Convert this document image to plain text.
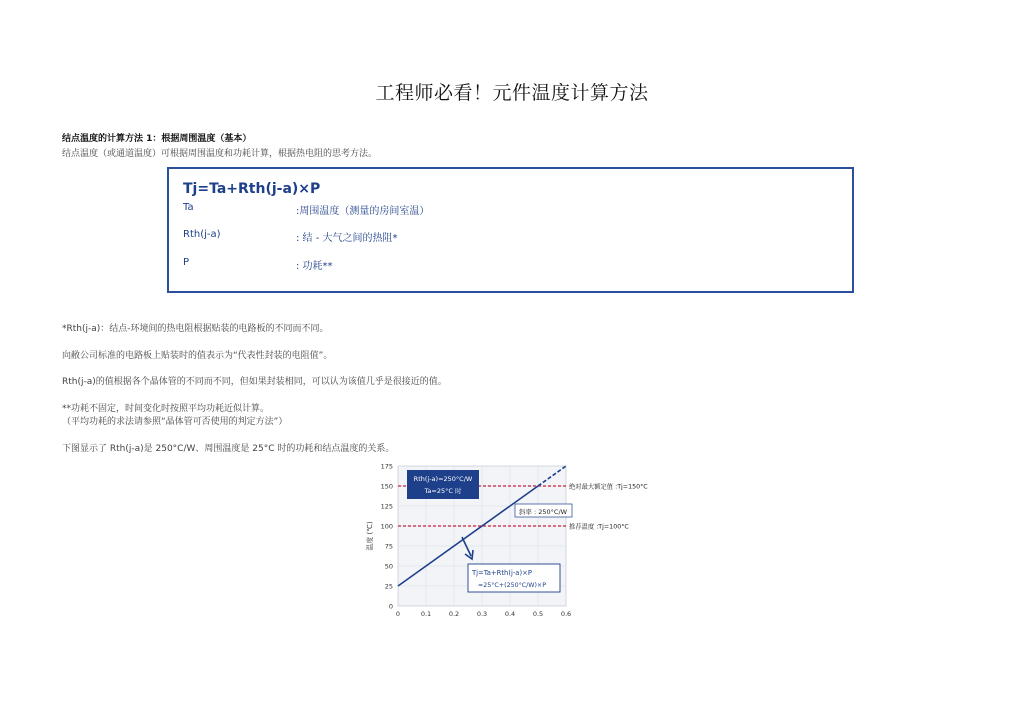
工程师必看！元件温度计算方法
结点温度的计算方法 1：根据周围温度（基本）
结点温度（或通道温度）可根据周围温度和功耗计算，根据热电阻的思考方法。
Tj=Ta+Rth(j-a)×P
Ta	:周围温度（测量的房间室温）
Rth(j-a)	: 结 - 大气之间的热阻*
P	: 功耗**
*Rth(j-a)：结点-环境间的热电阻根据贴装的电路板的不同而不同。
向敝公司标准的电路板上贴装时的值表示为“代表性封装的电阻值”。
Rth(j-a)的值根据各个晶体管的不同而不同，但如果封装相同，可以认为该值几乎是很接近的值。
**功耗不固定，时间变化时按照平均功耗近似计算。
（平均功耗的求法请参照“晶体管可否使用的判定方法”）
下图显示了 Rth(j-a)是 250°C/W、周围温度是 25°C 时的功耗和结点温度的关系。
0
25
50
75
100
125
150
175
0	0.1	0.2	0.3	0.4	0.5	0.6
绝对最大额定值 :Tj=150°C
推荐温度 :Tj=100°C
温度 (℃)
Rth(j-a)=250°C/W
Ta=25°C 时
斜率 : 250°C/W
Tj=Ta+Rth(j-a)×P
=25°C+(250°C/W)×P
